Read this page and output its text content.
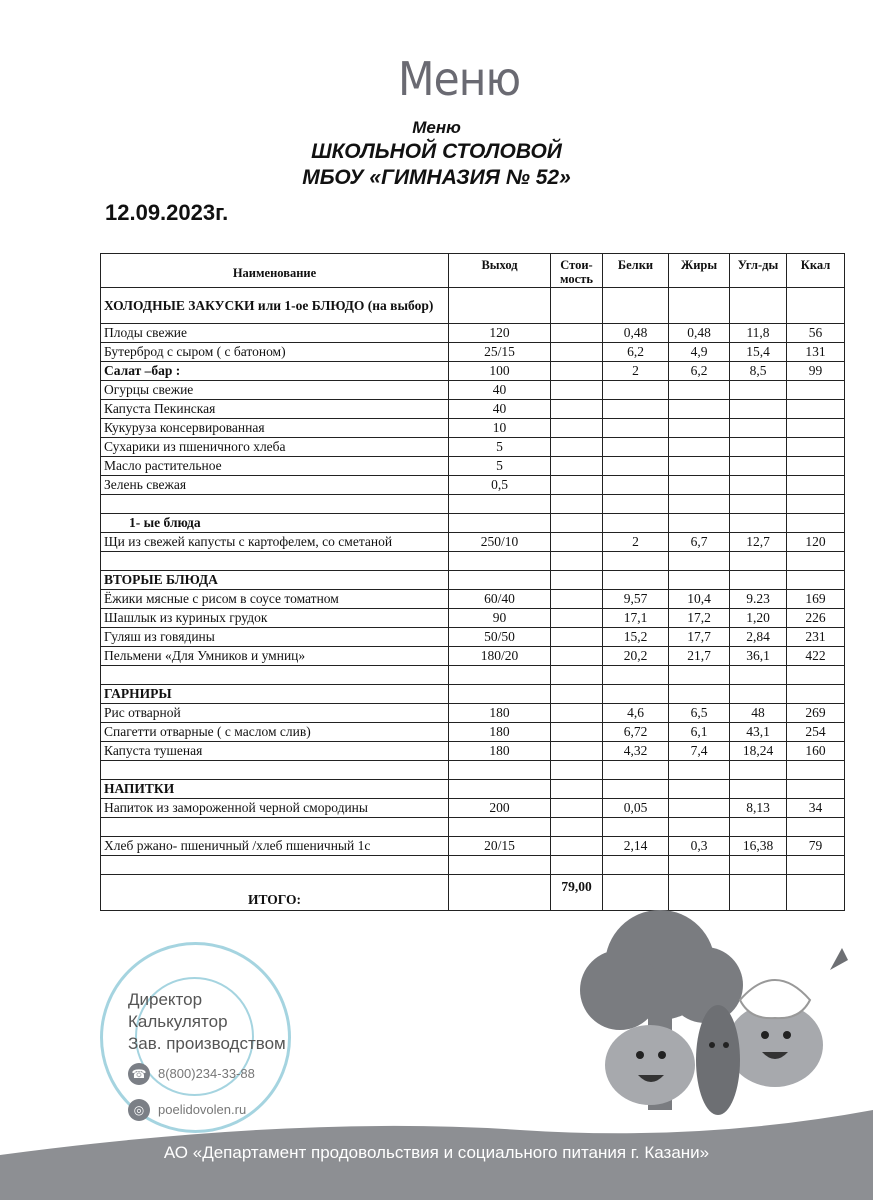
Меню
Меню
ШКОЛЬНОЙ СТОЛОВОЙ
МБОУ «ГИМНАЗИЯ № 52»
12.09.2023г.
Наименование	Выход	Стои-мость	Белки	Жиры	Угл-ды	Ккал
ХОЛОДНЫЕ ЗАКУСКИ или 1-ое БЛЮДО (на выбор)						
Плоды свежие	120		0,48	0,48	11,8	56
Бутерброд с сыром ( с батоном)	25/15		6,2	4,9	15,4	131
Салат –бар :	100		2	6,2	8,5	99
Огурцы свежие	40					
Капуста Пекинская	40					
Кукуруза консервированная	10					
Сухарики из пшеничного хлеба	5					
Масло растительное	5					
Зелень свежая	0,5					

1- ые блюда						
Щи из свежей капусты с картофелем, со сметаной	250/10		2	6,7	12,7	120

ВТОРЫЕ БЛЮДА						
Ёжики мясные с рисом в соусе томатном	60/40		9,57	10,4	9.23	169
Шашлык из куриных грудок	90		17,1	17,2	1,20	226
Гуляш из говядины	50/50		15,2	17,7	2,84	231
Пельмени «Для Умников и умниц»	180/20		20,2	21,7	36,1	422

ГАРНИРЫ						
Рис отварной	180		4,6	6,5	48	269
Спагетти отварные ( с маслом слив)	180		6,72	6,1	43,1	254
Капуста тушеная	180		4,32	7,4	18,24	160

НАПИТКИ						
Напиток из замороженной черной смородины	200		0,05		8,13	34

Хлеб ржано- пшеничный /хлеб пшеничный 1с	20/15		2,14	0,3	16,38	79

ИТОГО:		79,00				
Директор
Калькулятор
Зав. производством
☎ 8(800)234-33-88
◎	poelidovolen.ru
АО «Департамент продовольствия и социального питания г. Казани»
